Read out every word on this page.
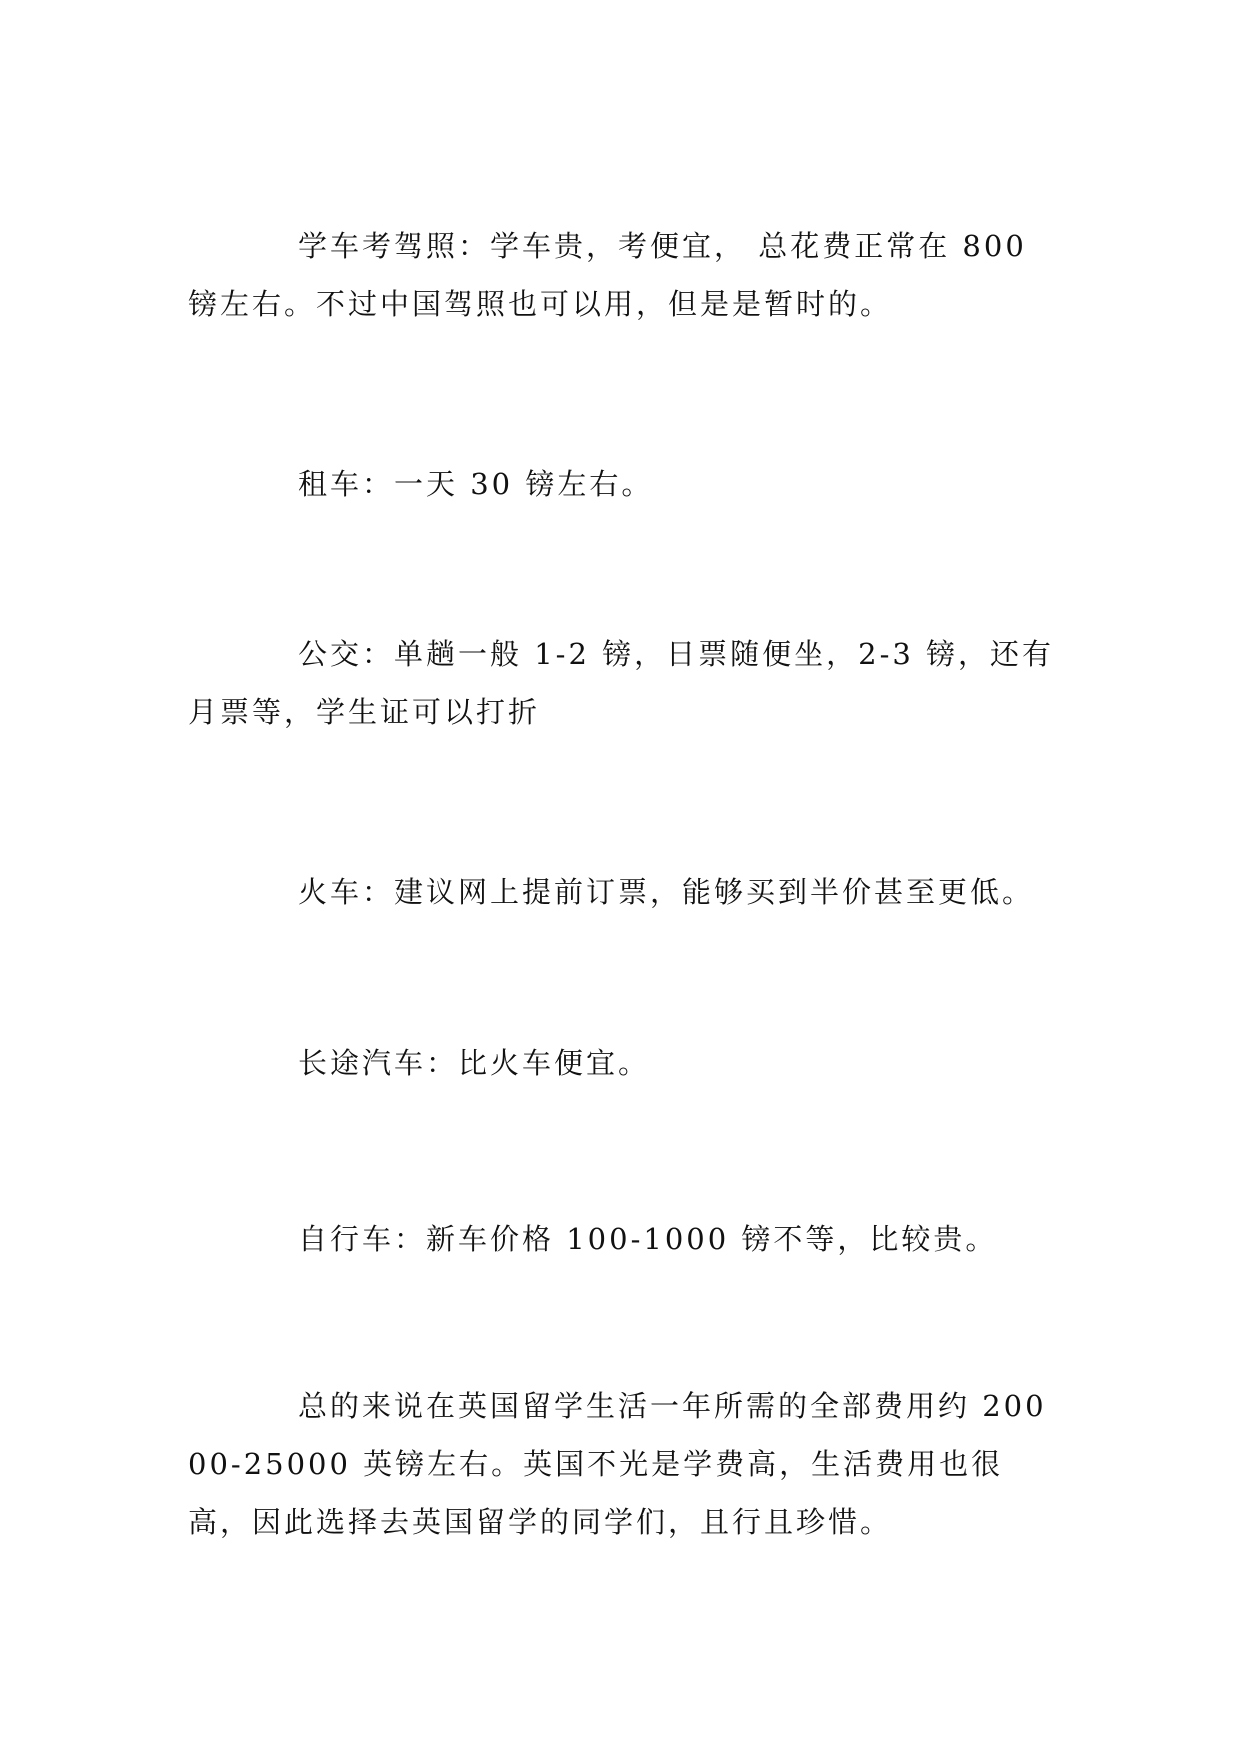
学车考驾照：学车贵，考便宜， 总花费正常在 800 镑左右。不过中国驾照也可以用，但是是暂时的。

租车：一天 30 镑左右。

公交：单趟一般 1-2 镑，日票随便坐，2-3 镑，还有月票等，学生证可以打折

火车：建议网上提前订票，能够买到半价甚至更低。

长途汽车：比火车便宜。

自行车：新车价格 100-1000 镑不等，比较贵。

总的来说在英国留学生活一年所需的全部费用约 20000-25000 英镑左右。英国不光是学费高，生活费用也很高，因此选择去英国留学的同学们，且行且珍惜。
